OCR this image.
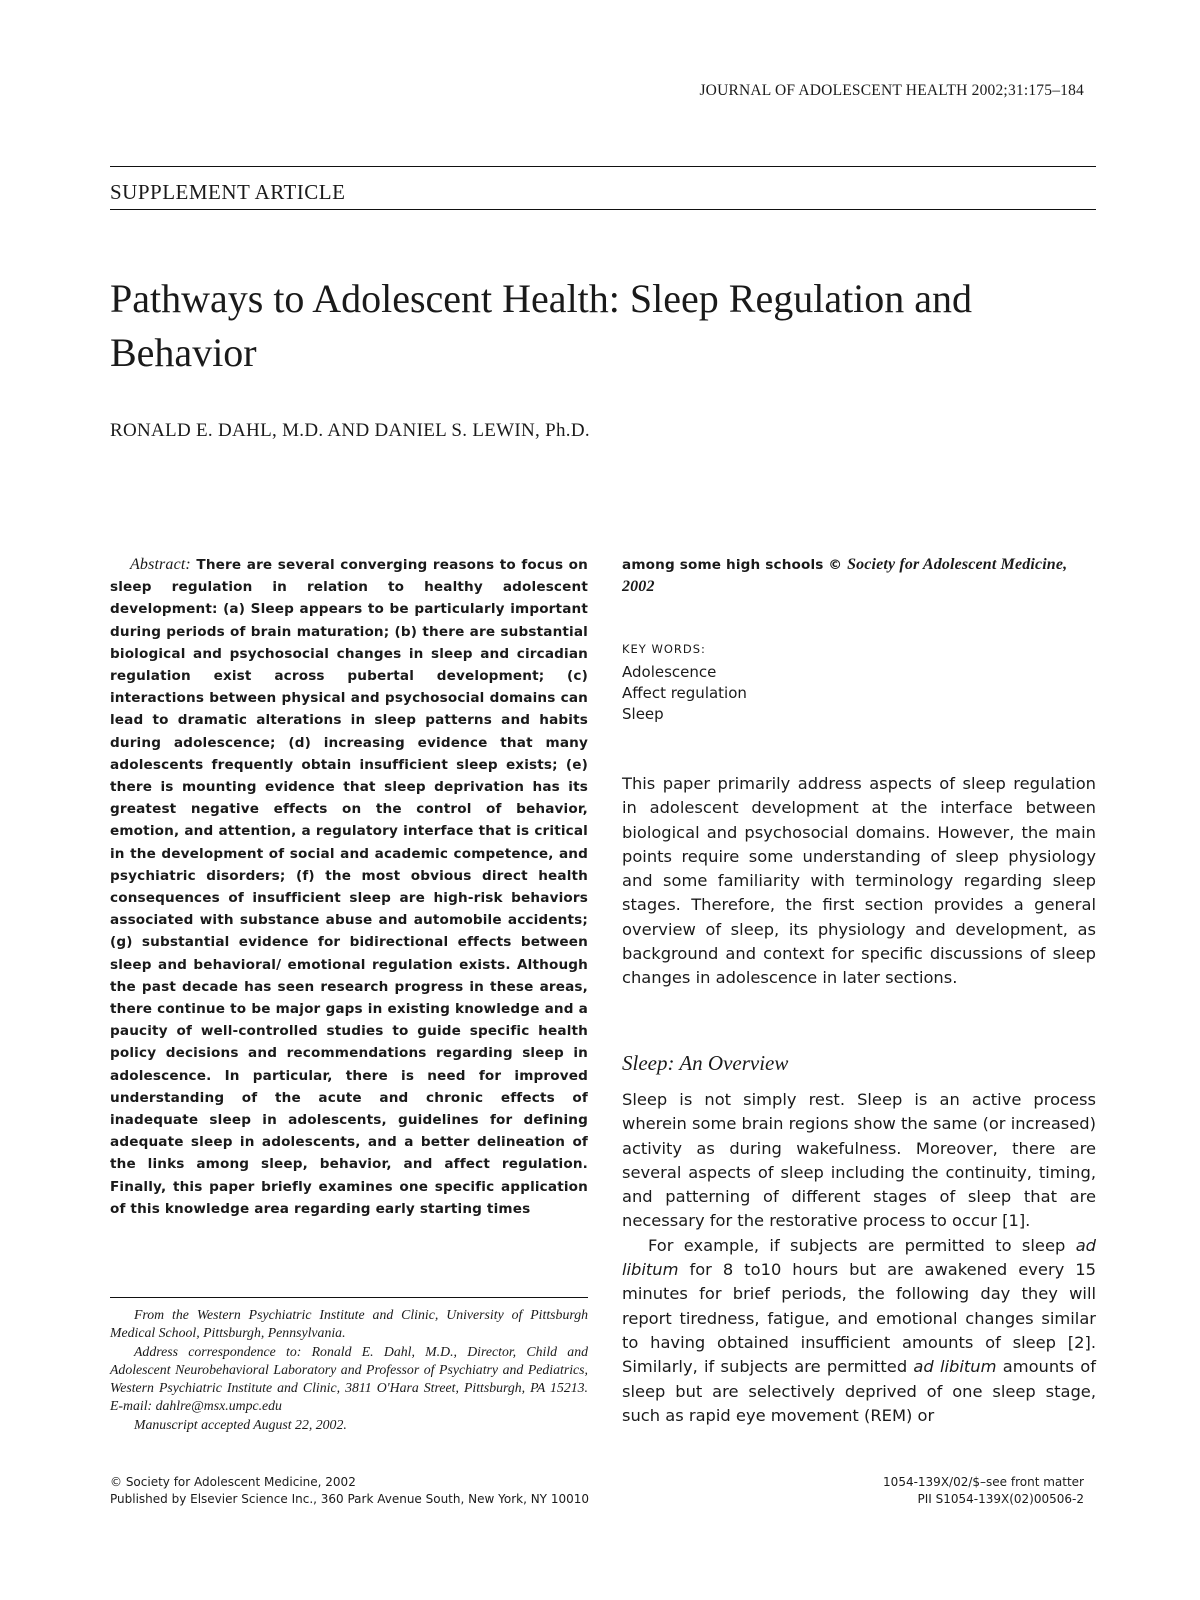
JOURNAL OF ADOLESCENT HEALTH 2002;31:175–184
SUPPLEMENT ARTICLE
Pathways to Adolescent Health: Sleep Regulation and Behavior
RONALD E. DAHL, M.D. AND DANIEL S. LEWIN, Ph.D.
Abstract: There are several converging reasons to focus on sleep regulation in relation to healthy adolescent development: (a) Sleep appears to be particularly important during periods of brain maturation; (b) there are substantial biological and psychosocial changes in sleep and circadian regulation exist across pubertal development; (c) interactions between physical and psychosocial domains can lead to dramatic alterations in sleep patterns and habits during adolescence; (d) increasing evidence that many adolescents frequently obtain insufficient sleep exists; (e) there is mounting evidence that sleep deprivation has its greatest negative effects on the control of behavior, emotion, and attention, a regulatory interface that is critical in the development of social and academic competence, and psychiatric disorders; (f) the most obvious direct health consequences of insufficient sleep are high-risk behaviors associated with substance abuse and automobile accidents; (g) substantial evidence for bidirectional effects between sleep and behavioral/ emotional regulation exists. Although the past decade has seen research progress in these areas, there continue to be major gaps in existing knowledge and a paucity of well-controlled studies to guide specific health policy decisions and recommendations regarding sleep in adolescence. In particular, there is need for improved understanding of the acute and chronic effects of inadequate sleep in adolescents, guidelines for defining adequate sleep in adolescents, and a better delineation of the links among sleep, behavior, and affect regulation. Finally, this paper briefly examines one specific application of this knowledge area regarding early starting times
among some high schools © Society for Adolescent Medicine, 2002
KEY WORDS:
Adolescence
Affect regulation
Sleep

This paper primarily address aspects of sleep regulation in adolescent development at the interface between biological and psychosocial domains. However, the main points require some understanding of sleep physiology and some familiarity with terminology regarding sleep stages. Therefore, the first section provides a general overview of sleep, its physiology and development, as background and context for specific discussions of sleep changes in adolescence in later sections.

Sleep: An Overview

Sleep is not simply rest. Sleep is an active process wherein some brain regions show the same (or increased) activity as during wakefulness. Moreover, there are several aspects of sleep including the continuity, timing, and patterning of different stages of sleep that are necessary for the restorative process to occur [1].

For example, if subjects are permitted to sleep ad libitum for 8 to10 hours but are awakened every 15 minutes for brief periods, the following day they will report tiredness, fatigue, and emotional changes similar to having obtained insufficient amounts of sleep [2]. Similarly, if subjects are permitted ad libitum amounts of sleep but are selectively deprived of one sleep stage, such as rapid eye movement (REM) or

From the Western Psychiatric Institute and Clinic, University of Pittsburgh Medical School, Pittsburgh, Pennsylvania.

Address correspondence to: Ronald E. Dahl, M.D., Director, Child and Adolescent Neurobehavioral Laboratory and Professor of Psychiatry and Pediatrics, Western Psychiatric Institute and Clinic, 3811 O'Hara Street, Pittsburgh, PA 15213. E-mail: dahlre@msx.umpc.edu

Manuscript accepted August 22, 2002.

© Society for Adolescent Medicine, 2002
Published by Elsevier Science Inc., 360 Park Avenue South, New York, NY 10010
1054-139X/02/$–see front matter
PII S1054-139X(02)00506-2
